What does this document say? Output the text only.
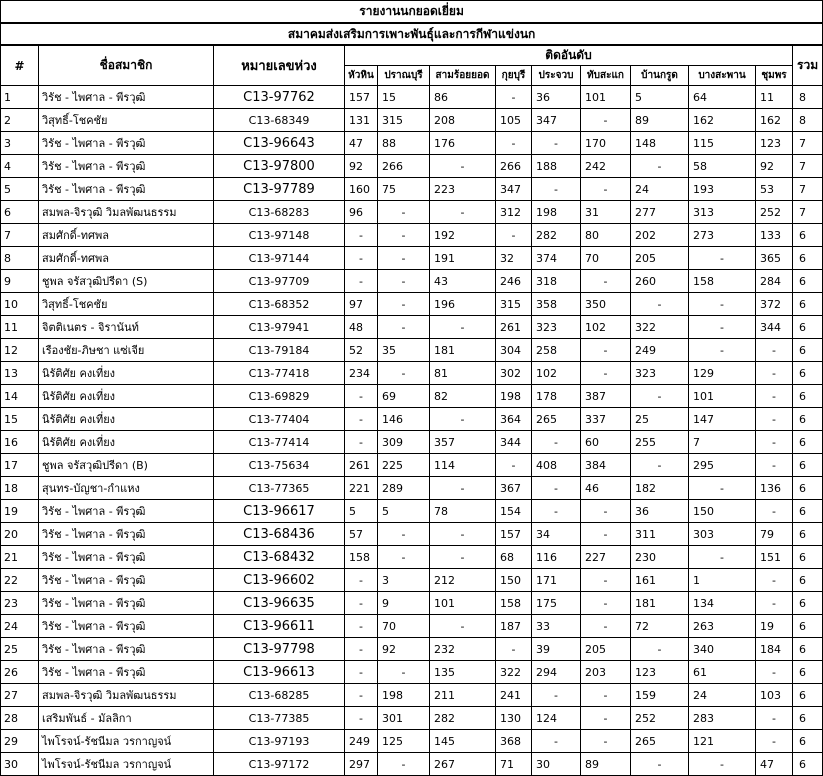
รายงานนกยอดเยี่ยม												
สมาคมส่งเสริมการเพาะพันธุ์และการกีฬาแข่งนก												
#	ชื่อสมาชิก	หมายเลขห่วง	ติดอันดับ									รวม
			หัวหิน	ปราณบุรี	สามร้อยยอด	กุยบุรี	ประจวบ	ทับสะแก	บ้านกรูด	บางสะพาน	ชุมพร	
1	วิรัช - ไพศาล - พีรวุฒิ	C13-97762	157	15	86	-	36	101	5	64	11	8
2	วิสุทธิ์-โชคชัย	C13-68349	131	315	208	105	347	-	89	162	162	8
3	วิรัช - ไพศาล - พีรวุฒิ	C13-96643	47	88	176	-	-	170	148	115	123	7
4	วิรัช - ไพศาล - พีรวุฒิ	C13-97800	92	266	-	266	188	242	-	58	92	7
5	วิรัช - ไพศาล - พีรวุฒิ	C13-97789	160	75	223	347	-	-	24	193	53	7
6	สมพล-จิรวุฒิ วิมลพัฒนธรรม	C13-68283	96	-	-	312	198	31	277	313	252	7
7	สมศักดิ์-ทศพล	C13-97148	-	-	192	-	282	80	202	273	133	6
8	สมศักดิ์-ทศพล	C13-97144	-	-	191	32	374	70	205	-	365	6
9	ชูพล จรัสวุฒิปรีดา (S)	C13-97709	-	-	43	246	318	-	260	158	284	6
10	วิสุทธิ์-โชคชัย	C13-68352	97	-	196	315	358	350	-	-	372	6
11	จิตติเนตร - จิรานันท์	C13-97941	48	-	-	261	323	102	322	-	344	6
12	เรืองชัย-ภิษชา แซ่เจีย	C13-79184	52	35	181	304	258	-	249	-	-	6
13	นิรัติศัย คงเที่ยง	C13-77418	234	-	81	302	102	-	323	129	-	6
14	นิรัติศัย คงเที่ยง	C13-69829	-	69	82	198	178	387	-	101	-	6
15	นิรัติศัย คงเที่ยง	C13-77404	-	146	-	364	265	337	25	147	-	6
16	นิรัติศัย คงเที่ยง	C13-77414	-	309	357	344	-	60	255	7	-	6
17	ชูพล จรัสวุฒิปรีดา (B)	C13-75634	261	225	114	-	408	384	-	295	-	6
18	สุนทร-บัญชา-กำแหง	C13-77365	221	289	-	367	-	46	182	-	136	6
19	วิรัช - ไพศาล - พีรวุฒิ	C13-96617	5	5	78	154	-	-	36	150	-	6
20	วิรัช - ไพศาล - พีรวุฒิ	C13-68436	57	-	-	157	34	-	311	303	79	6
21	วิรัช - ไพศาล - พีรวุฒิ	C13-68432	158	-	-	68	116	227	230	-	151	6
22	วิรัช - ไพศาล - พีรวุฒิ	C13-96602	-	3	212	150	171	-	161	1	-	6
23	วิรัช - ไพศาล - พีรวุฒิ	C13-96635	-	9	101	158	175	-	181	134	-	6
24	วิรัช - ไพศาล - พีรวุฒิ	C13-96611	-	70	-	187	33	-	72	263	19	6
25	วิรัช - ไพศาล - พีรวุฒิ	C13-97798	-	92	232	-	39	205	-	340	184	6
26	วิรัช - ไพศาล - พีรวุฒิ	C13-96613	-	-	135	322	294	203	123	61	-	6
27	สมพล-จิรวุฒิ วิมลพัฒนธรรม	C13-68285	-	198	211	241	-	-	159	24	103	6
28	เสริมพันธ์ - มัลลิกา	C13-77385	-	301	282	130	124	-	252	283	-	6
29	ไพโรจน์-รัชนีมล วรกาญจน์	C13-97193	249	125	145	368	-	-	265	121	-	6
30	ไพโรจน์-รัชนีมล วรกาญจน์	C13-97172	297	-	267	71	30	89	-	-	47	6
